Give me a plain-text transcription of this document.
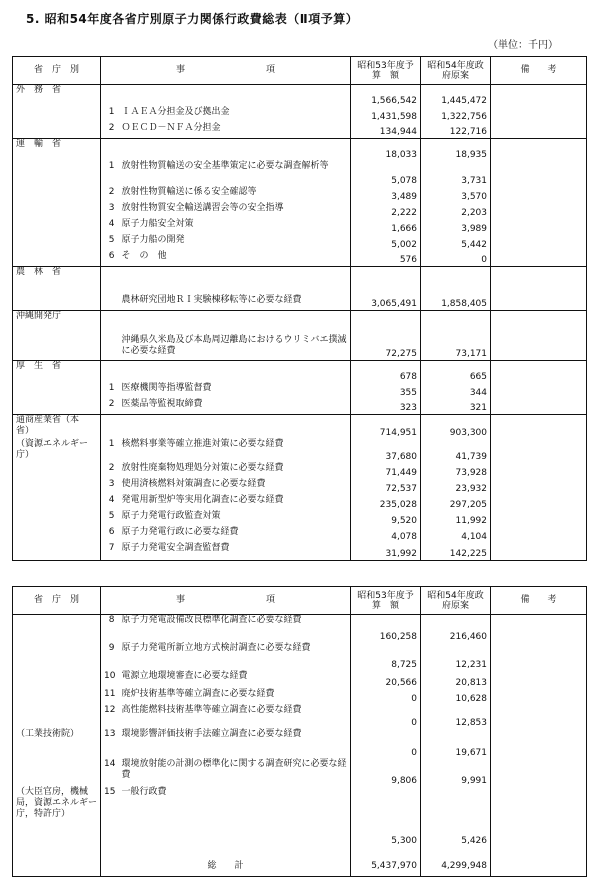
5. 昭和54年度各省庁別原子力関係行政費総表（Ⅱ項予算）
（単位：千円）
省　庁　別	事　　　　　　　　　項		昭和53年度予　算　額	昭和54年度政府原案	備　　考
外　務　省			1,566,542	1,445,472	
	1	ＩＡＥＡ分担金及び拠出金	1,431,598	1,322,756	
	2	ＯＥＣＤ－ＮＦＡ分担金	134,944	122,716	
運　輸　省			18,033	18,935	
	1	放射性物質輸送の安全基準策定に必要な調査解析等	5,078	3,731	
	2	放射性物質輸送に係る安全確認等	3,489	3,570	
	3	放射性物質安全輸送講習会等の安全指導	2,222	2,203	
	4	原子力船安全対策	1,666	3,989	
	5	原子力船の開発	5,002	5,442	
	6	そ　の　他	576	0	
農　林　省					
		農林研究団地ＲＩ実験棟移転等に必要な経費	3,065,491	1,858,405	
沖縄開発庁					
		沖縄県久米島及び本島周辺離島におけるウリミバエ撲滅に必要な経費	72,275	73,171	
厚　生　省			678	665	
	1	医療機関等指導監督費	355	344	
	2	医薬品等監視取締費	323	321	
通商産業省（本　　省）			714,951	903,300	
（資源エネルギー庁）	1	核燃料事業等確立推進対策に必要な経費	37,680	41,739	
	2	放射性廃棄物処理処分対策に必要な経費	71,449	73,928	
	3	使用済核燃料対策調査に必要な経費	72,537	23,932	
	4	発電用新型炉等実用化調査に必要な経費	235,028	297,205	
	5	原子力発電行政監査対策	9,520	11,992	
	6	原子力発電行政に必要な経費	4,078	4,104	
	7	原子力発電安全調査監督費	31,992	142,225	
省　庁　別	事　　　　　　　　　項		昭和53年度予　算　額	昭和54年度政府原案	備　　考
	8	原子力発電設備改良標準化調査に必要な経費	160,258	216,460	
	9	原子力発電所新立地方式検討調査に必要な経費	8,725	12,231	
	10	電源立地環境審査に必要な経費	20,566	20,813	
	11	廃炉技術基準等確立調査に必要な経費	0	10,628	
	12	高性能燃料技術基準等確立調査に必要な経費	0	12,853	
（工業技術院）	13	環境影響評価技術手法確立調査に必要な経費	0	19,671	
	14	環境放射能の計測の標準化に関する調査研究に必要な経費	9,806	9,991	
（大臣官房，機械局，資源エネルギー庁，特許庁）	15	一般行政費	5,300	5,426	
	総　　計		5,437,970	4,299,948	
